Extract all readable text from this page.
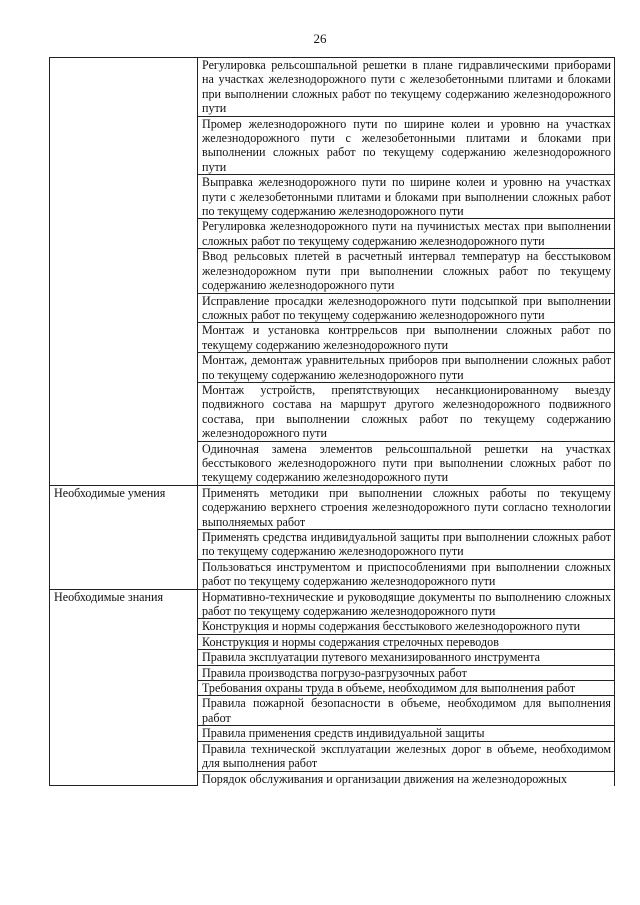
26
	Регулировка рельсошпальной решетки в плане гидравлическими приборами на участках железнодорожного пути с железобетонными плитами и блоками при выполнении сложных работ по текущему содержанию железнодорожного пути
	Промер железнодорожного пути по ширине колеи и уровню на участках железнодорожного пути с железобетонными плитами и блоками при выполнении сложных работ по текущему содержанию железнодорожного пути
	Выправка железнодорожного пути по ширине колеи и уровню на участках пути с железобетонными плитами и блоками при выполнении сложных работ по текущему содержанию железнодорожного пути
	Регулировка железнодорожного пути на пучинистых местах при выполнении сложных работ по текущему содержанию железнодорожного пути
	Ввод рельсовых плетей в расчетный интервал температур на бесстыковом железнодорожном пути при выполнении сложных работ по текущему содержанию железнодорожного пути
	Исправление просадки железнодорожного пути подсыпкой при выполнении сложных работ по текущему содержанию железнодорожного пути
	Монтаж и установка контррельсов при выполнении сложных работ по текущему содержанию железнодорожного пути
	Монтаж, демонтаж уравнительных приборов при выполнении сложных работ по текущему содержанию железнодорожного пути
	Монтаж устройств, препятствующих несанкционированному выезду подвижного состава на маршрут другого железнодорожного подвижного состава, при выполнении сложных работ по текущему содержанию железнодорожного пути
	Одиночная замена элементов рельсошпальной решетки на участках бесстыкового железнодорожного пути при выполнении сложных работ по текущему содержанию железнодорожного пути
Необходимые умения	Применять методики при выполнении сложных работы по текущему содержанию верхнего строения железнодорожного пути согласно технологии выполняемых работ
	Применять средства индивидуальной защиты при выполнении сложных работ по текущему содержанию железнодорожного пути
	Пользоваться инструментом и приспособлениями при выполнении сложных работ по текущему содержанию железнодорожного пути
Необходимые знания	Нормативно-технические и руководящие документы по выполнению сложных работ по текущему содержанию железнодорожного пути
	Конструкция и нормы содержания бесстыкового железнодорожного пути
	Конструкция и нормы содержания стрелочных переводов
	Правила эксплуатации путевого механизированного инструмента
	Правила производства погрузо-разгрузочных работ
	Требования охраны труда в объеме, необходимом для выполнения работ
	Правила пожарной безопасности в объеме, необходимом для выполнения работ
	Правила применения средств индивидуальной защиты
	Правила технической эксплуатации железных дорог в объеме, необходимом для выполнения работ
	Порядок обслуживания и организации движения на железнодорожных
